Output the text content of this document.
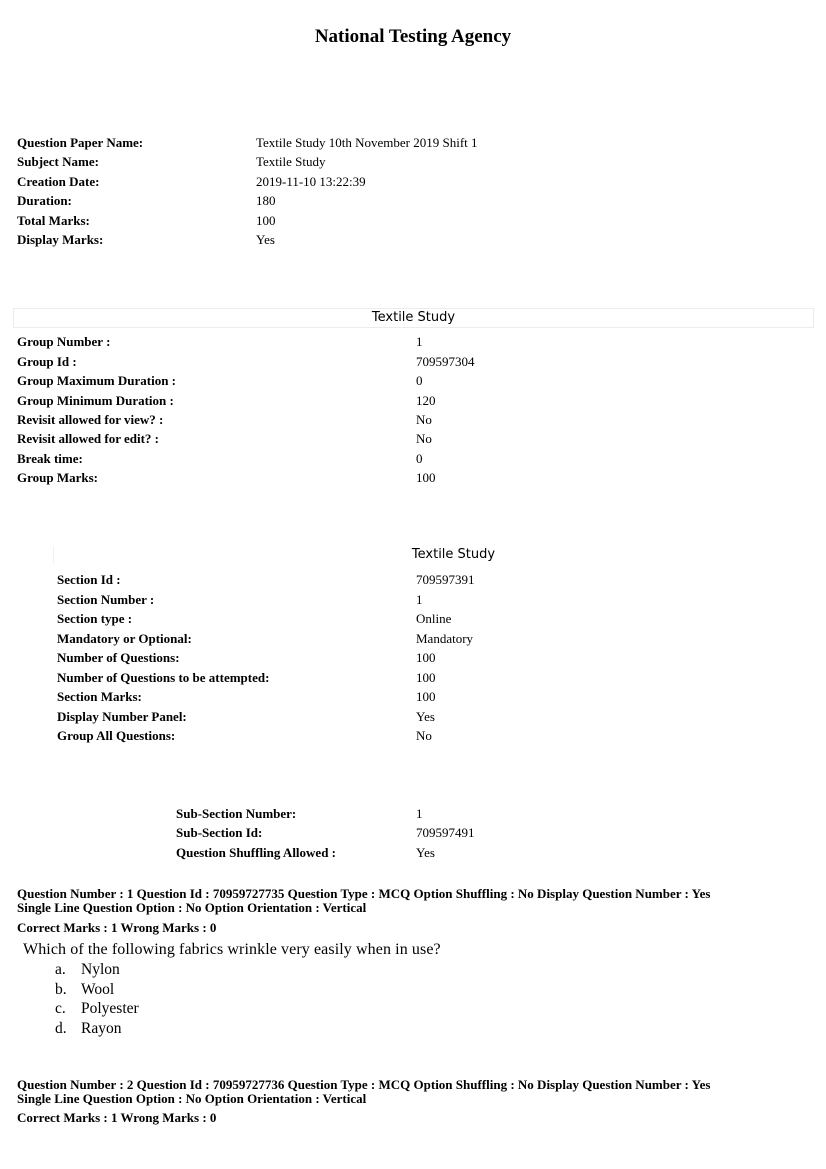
National Testing Agency
Question Paper Name:	Textile Study 10th November 2019 Shift 1
Subject Name:	Textile Study
Creation Date:	2019-11-10 13:22:39
Duration:	180
Total Marks:	100
Display Marks:	Yes
Textile Study
Group Number :	1
Group Id :	709597304
Group Maximum Duration :	0
Group Minimum Duration :	120
Revisit allowed for view? :	No
Revisit allowed for edit? :	No
Break time:	0
Group Marks:	100
Textile Study
Section Id :	709597391
Section Number :	1
Section type :	Online
Mandatory or Optional:	Mandatory
Number of Questions:	100
Number of Questions to be attempted:	100
Section Marks:	100
Display Number Panel:	Yes
Group All Questions:	No
Sub-Section Number:	1
Sub-Section Id:	709597491
Question Shuffling Allowed :	Yes
Question Number : 1 Question Id : 70959727735 Question Type : MCQ Option Shuffling : No Display Question Number : Yes
Single Line Question Option : No Option Orientation : Vertical
Correct Marks : 1 Wrong Marks : 0
Which of the following fabrics wrinkle very easily when in use?
a. Nylon
b. Wool
c. Polyester
d. Rayon
Question Number : 2 Question Id : 70959727736 Question Type : MCQ Option Shuffling : No Display Question Number : Yes
Single Line Question Option : No Option Orientation : Vertical
Correct Marks : 1 Wrong Marks : 0
